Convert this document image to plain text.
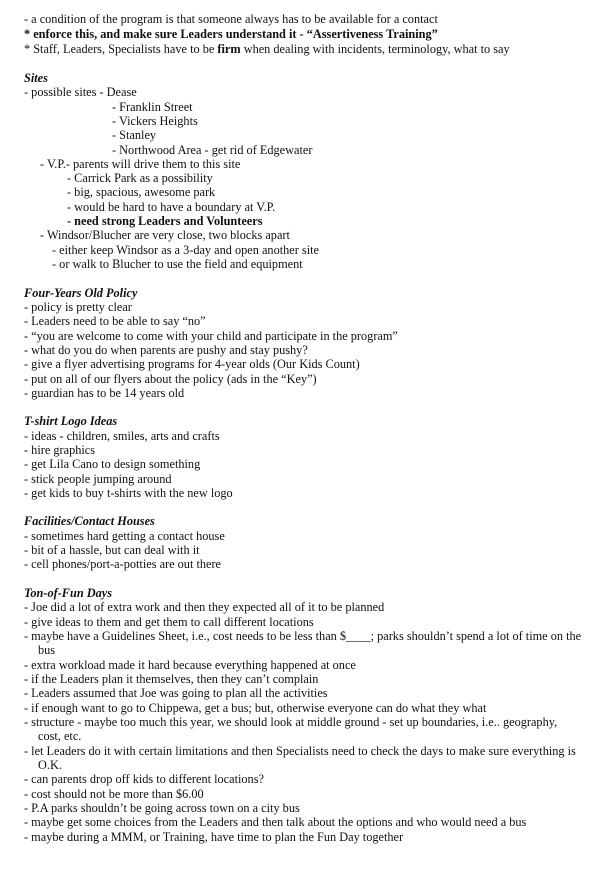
- a condition of the program is that someone always has to be available for a contact
* enforce this, and make sure Leaders understand it - “Assertiveness Training”
* Staff, Leaders, Specialists have to be firm when dealing with incidents, terminology, what to say
Sites
- possible sites - Dease
- Franklin Street
- Vickers Heights
- Stanley
- Northwood Area - get rid of Edgewater
- V.P.- parents will drive them to this site
- Carrick Park as a possibility
- big, spacious, awesome park
- would be hard to have a boundary at V.P.
- need strong Leaders and Volunteers
- Windsor/Blucher are very close, two blocks apart
- either keep Windsor as a 3-day and open another site
- or walk to Blucher to use the field and equipment
Four-Years Old Policy
- policy is pretty clear
- Leaders need to be able to say “no”
- “you are welcome to come with your child and participate in the program”
- what do you do when parents are pushy and stay pushy?
- give a flyer advertising programs for 4-year olds (Our Kids Count)
- put on all of our flyers about the policy (ads in the “Key”)
- guardian has to be 14 years old
T-shirt Logo Ideas
- ideas - children, smiles, arts and crafts
- hire graphics
- get Lila Cano to design something
- stick people jumping around
- get kids to buy t-shirts with the new logo
Facilities/Contact Houses
- sometimes hard getting a contact house
- bit of a hassle, but can deal with it
- cell phones/port-a-potties are out there
Ton-of-Fun Days
- Joe did a lot of extra work and then they expected all of it to be planned
- give ideas to them and get them to call different locations
- maybe have a Guidelines Sheet, i.e., cost needs to be less than $____; parks shouldn’t spend a lot of time on the
bus
- extra workload made it hard because everything happened at once
- if the Leaders plan it themselves, then they can’t complain
- Leaders assumed that Joe was going to plan all the activities
- if enough want to go to Chippewa, get a bus; but, otherwise everyone can do what they what
- structure - maybe too much this year, we should look at middle ground - set up boundaries, i.e.. geography,
cost, etc.
- let Leaders do it with certain limitations and then Specialists need to check the days to make sure everything is
O.K.
- can parents drop off kids to different locations?
- cost should not be more than $6.00
- P.A parks shouldn’t be going across town on a city bus
- maybe get some choices from the Leaders and then talk about the options and who would need a bus
- maybe during a MMM, or Training, have time to plan the Fun Day together
